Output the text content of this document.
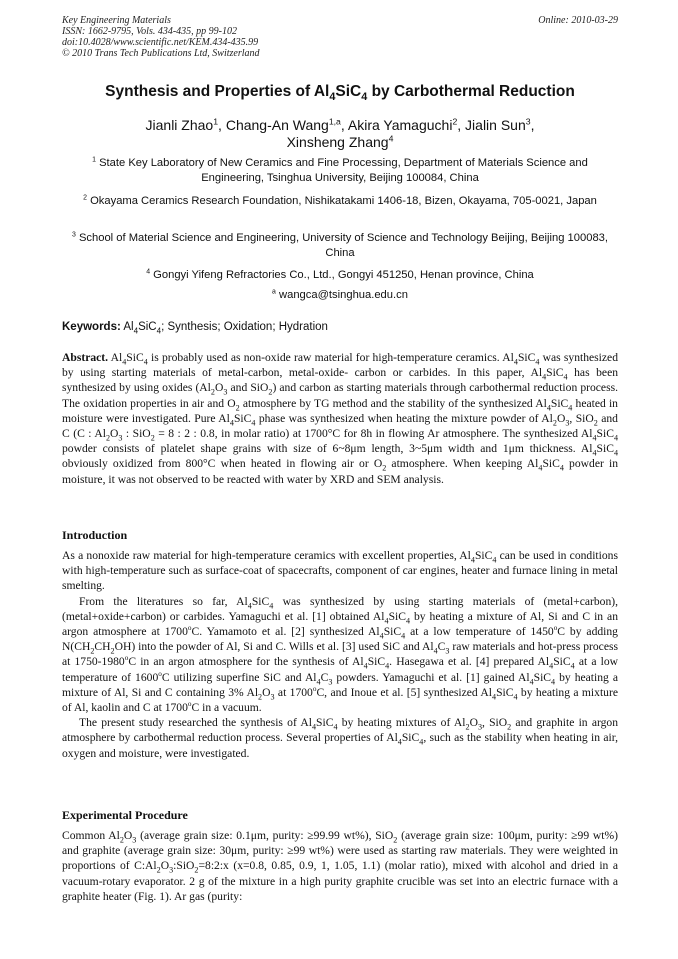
Key Engineering Materials
ISSN: 1662-9795, Vols. 434-435, pp 99-102
doi:10.4028/www.scientific.net/KEM.434-435.99
© 2010 Trans Tech Publications Ltd, Switzerland
Online: 2010-03-29
Synthesis and Properties of $Al_4SiC_4$ by Carbothermal Reduction
Jianli Zhao$^1$, Chang-An Wang$^{1,a}$, Akira Yamaguchi$^2$, Jialin Sun$^3$,
Xinsheng Zhang$^4$
$^1$ State Key Laboratory of New Ceramics and Fine Processing, Department of Materials Science and Engineering, Tsinghua University, Beijing 100084, China
$^2$ Okayama Ceramics Research Foundation, Nishikatakami 1406-18, Bizen, Okayama, 705-0021, Japan
$^3$ School of Material Science and Engineering, University of Science and Technology Beijing, Beijing 100083, China
$^4$ Gongyi Yifeng Refractories Co., Ltd., Gongyi 451250, Henan province, China
$^a$ wangca@tsinghua.edu.cn
Keywords: $Al_4SiC_4$; Synthesis; Oxidation; Hydration
Abstract. $Al_4SiC_4$ is probably used as non-oxide raw material for high-temperature ceramics. $Al_4SiC_4$ was synthesized by using starting materials of metal-carbon, metal-oxide- carbon or carbides. In this paper, $Al_4SiC_4$ has been synthesized by using oxides ($Al_2O_3$ and SiO$_2$) and carbon as starting materials through carbothermal reduction process. The oxidation properties in air and $O_2$ atmosphere by TG method and the stability of the synthesized $Al_4SiC_4$ heated in moisture were investigated. Pure $Al_4SiC_4$ phase was synthesized when heating the mixture powder of $Al_2O_3$, SiO$_2$ and C (C : $Al_2O_3$ : SiO$_2$ = 8 : 2 : 0.8, in molar ratio) at 1700°C for 8h in flowing Ar atmosphere. The synthesized $Al_4SiC_4$ powder consists of platelet shape grains with size of 6~8μm length, 3~5μm width and 1μm thickness. $Al_4SiC_4$ obviously oxidized from 800°C when heated in flowing air or $O_2$ atmosphere. When keeping $Al_4SiC_4$ powder in moisture, it was not observed to be reacted with water by XRD and SEM analysis.
Introduction

As a nonoxide raw material for high-temperature ceramics with excellent properties, $Al_4SiC_4$ can be used in conditions with high-temperature such as surface-coat of spacecrafts, component of car engines, heater and furnace lining in metal smelting.

From the literatures so far, $Al_4SiC_4$ was synthesized by using starting materials of (metal+carbon), (metal+oxide+carbon) or carbides. Yamaguchi et al. [1] obtained $Al_4SiC_4$ by heating a mixture of Al, Si and C in an argon atmosphere at 1700$^o$C. Yamamoto et al. [2] synthesized $Al_4SiC_4$ at a low temperature of 1450$^o$C by adding $N(CH_2CH_2OH)$ into the powder of Al, Si and C. Wills et al. [3] used SiC and $Al_4C_3$ raw materials and hot-press process at 1750-1980$^o$C in an argon atmosphere for the synthesis of $Al_4SiC_4$. Hasegawa et al. [4] prepared $Al_4SiC_4$ at a low temperature of 1600$^o$C utilizing superfine SiC and $Al_4C_3$ powders. Yamaguchi et al. [1] gained $Al_4SiC_4$ by heating a mixture of Al, Si and C containing 3% $Al_2O_3$ at 1700$^o$C, and Inoue et al. [5] synthesized $Al_4SiC_4$ by heating a mixture of Al, kaolin and C at 1700$^o$C in a vacuum.

The present study researched the synthesis of $Al_4SiC_4$ by heating mixtures of $Al_2O_3$, SiO$_2$ and graphite in argon atmosphere by carbothermal reduction process. Several properties of $Al_4SiC_4$, such as the stability when heating in air, oxygen and moisture, were investigated.

Experimental Procedure

Common $Al_2O_3$ (average grain size: 0.1μm, purity: ≥99.99 wt%), SiO$_2$ (average grain size: 100μm, purity: ≥99 wt%) and graphite (average grain size: 30μm, purity: ≥99 wt%) were used as starting raw materials. They were weighted in proportions of $C:Al_2O_3:SiO_2=8:2:x$ (x=0.8, 0.85, 0.9, 1, 1.05, 1.1) (molar ratio), mixed with alcohol and dried in a vacuum-rotary evaporator. 2 g of the mixture in a high purity graphite crucible was set into an electric furnace with a graphite heater (Fig. 1). Ar gas (purity:
